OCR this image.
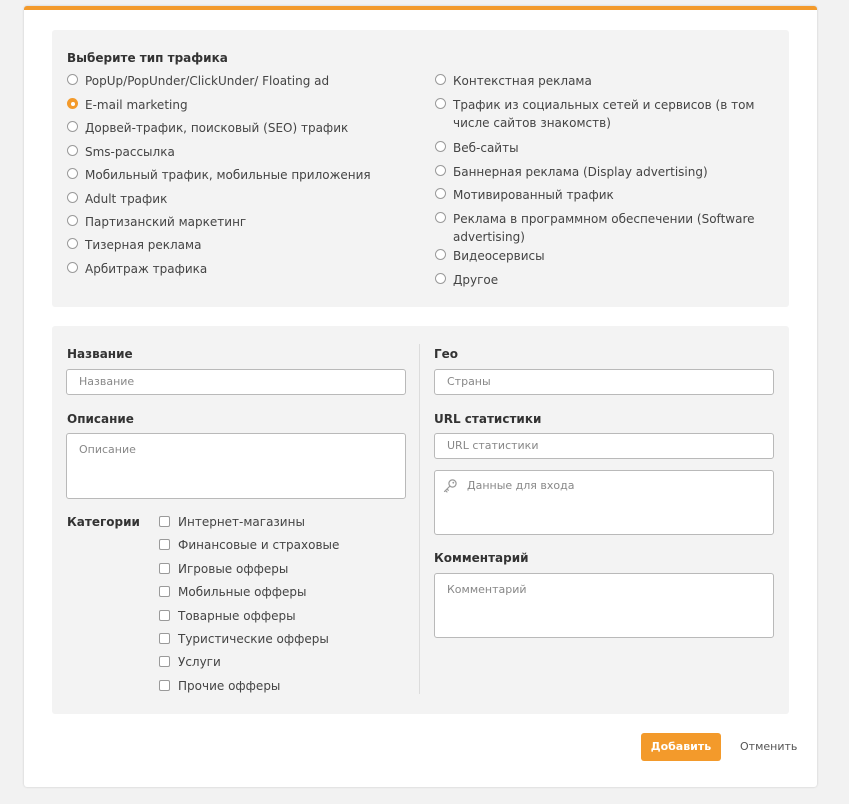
Выберите тип трафика
PopUp/PopUnder/ClickUnder/ Floating ad
E-mail marketing
Дорвей-трафик, поисковый (SEO) трафик
Sms-рассылка
Мобильный трафик, мобильные приложения
Adult трафик
Партизанский маркетинг
Тизерная реклама
Арбитраж трафика
Контекстная реклама
Трафик из социальных сетей и сервисов (в том числе сайтов знакомств)
Веб-сайты
Баннерная реклама (Display advertising)
Мотивированный трафик
Реклама в программном обеспечении (Software advertising)
Видеосервисы
Другое
Название
Название
Описание
Описание
Категории	Интернет-магазины
Финансовые и страховые
Игровые офферы
Мобильные офферы
Товарные офферы
Туристические офферы
Услуги
Прочие офферы
Гео
Страны
URL статистики
URL статистики
Данные для входа
Комментарий
Комментарий
Добавить	Отменить
